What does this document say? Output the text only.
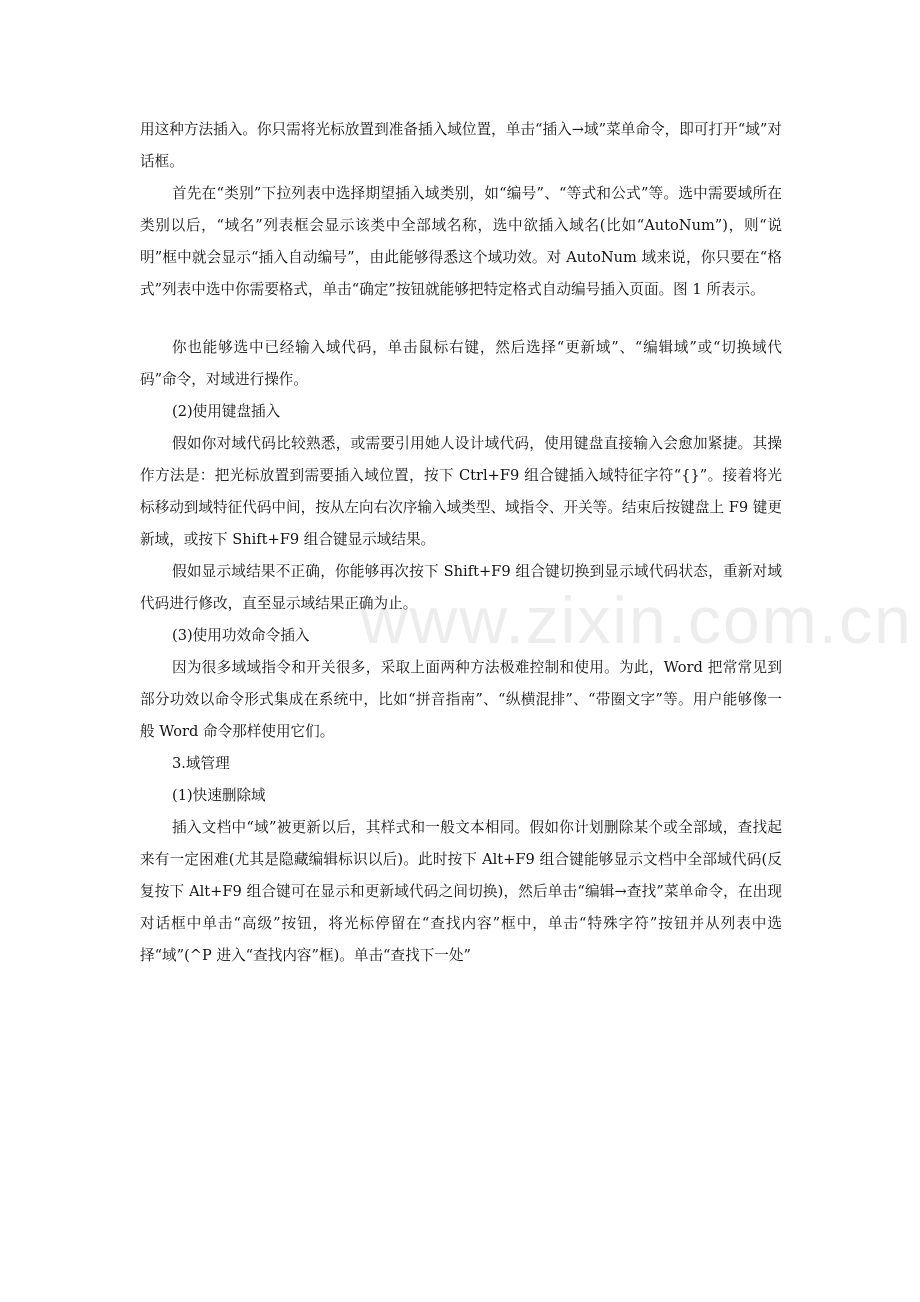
www.zixin.com.cn

用这种方法插入。你只需将光标放置到准备插入域位置，单击“插入→域”菜单命令，即可打开“域”对话框。

首先在“类别”下拉列表中选择期望插入域类别，如“编号”、“等式和公式”等。选中需要域所在类别以后，“域名”列表框会显示该类中全部域名称，选中欲插入域名(比如“AutoNum”)，则“说明”框中就会显示“插入自动编号”，由此能够得悉这个域功效。对 AutoNum 域来说，你只要在“格式”列表中选中你需要格式，单击“确定”按钮就能够把特定格式自动编号插入页面。图 1 所表示。

你也能够选中已经输入域代码，单击鼠标右键，然后选择“更新域”、“编辑域”或“切换域代码”命令，对域进行操作。

(2)使用键盘插入

假如你对域代码比较熟悉，或需要引用她人设计域代码，使用键盘直接输入会愈加紧捷。其操作方法是：把光标放置到需要插入域位置，按下 Ctrl+F9 组合键插入域特征字符“{}”。接着将光标移动到域特征代码中间，按从左向右次序输入域类型、域指令、开关等。结束后按键盘上 F9 键更新域，或按下 Shift+F9 组合键显示域结果。

假如显示域结果不正确，你能够再次按下 Shift+F9 组合键切换到显示域代码状态，重新对域代码进行修改，直至显示域结果正确为止。

(3)使用功效命令插入

因为很多域域指令和开关很多，采取上面两种方法极难控制和使用。为此，Word 把常常见到部分功效以命令形式集成在系统中，比如“拼音指南”、“纵横混排”、“带圈文字”等。用户能够像一般 Word 命令那样使用它们。

3.域管理

(1)快速删除域

插入文档中“域”被更新以后，其样式和一般文本相同。假如你计划删除某个或全部域，查找起来有一定困难(尤其是隐藏编辑标识以后)。此时按下 Alt+F9 组合键能够显示文档中全部域代码(反复按下 Alt+F9 组合键可在显示和更新域代码之间切换)，然后单击“编辑→查找”菜单命令，在出现对话框中单击“高级”按钮，将光标停留在“查找内容”框中，单击“特殊字符”按钮并从列表中选择“域”(^P 进入“查找内容”框)。单击“查找下一处”
